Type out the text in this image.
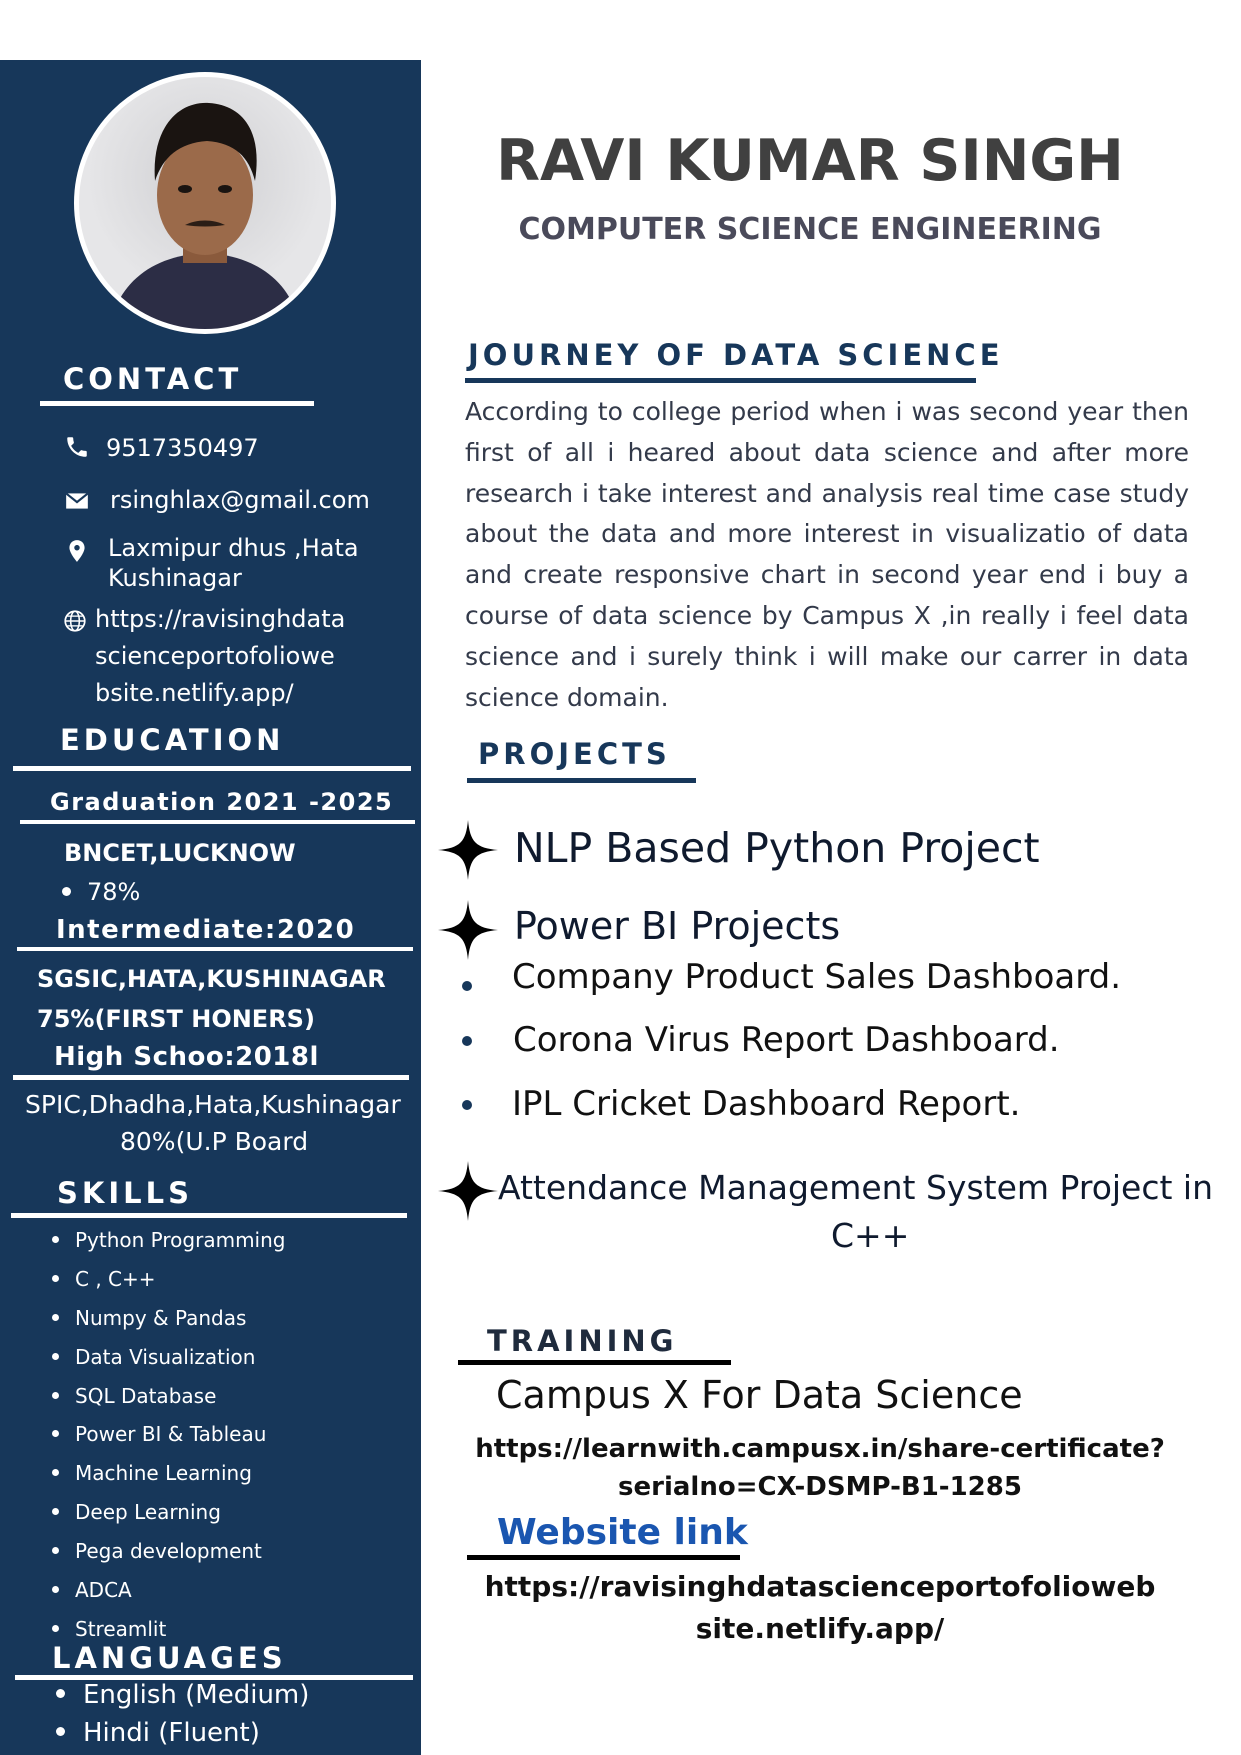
CONTACT

9517350497

rsinghlax@gmail.com

Laxmipur dhus ,Hata

Kushinagar

https://ravisinghdata

scienceportofoliowe

bsite.netlify.app/

EDUCATION

Graduation 2021 -2025

BNCET,LUCKNOW

78%

Intermediate:2020

SGSIC,HATA,KUSHINAGAR

75%(FIRST HONERS)

High Schoo:2018l

SPIC,Dhadha,Hata,Kushinagar

80%(U.P Board

SKILLS

Python Programming

C , C++

Numpy & Pandas

Data Visualization

SQL Database

Power BI & Tableau

Machine Learning

Deep Learning

Pega development

ADCA

Streamlit

LANGUAGES

English (Medium)

Hindi (Fluent)

RAVI KUMAR SINGH
COMPUTER SCIENCE ENGINEERING
JOURNEY OF DATA SCIENCE

According to college period when i was second year then first of all i heared about data science and after more research i take interest and analysis real time case study about the data and more interest in visualizatio of data and create responsive chart in second year end i buy a course of data science by Campus X ,in really i feel data science and i surely think i will make our carrer in data science domain.

PROJECTS

NLP Based Python Project

Power BI Projects

Company Product Sales Dashboard.

Corona Virus Report Dashboard.

IPL Cricket Dashboard Report.

Attendance Management System Project in

C++

TRAINING

Campus X For Data Science

https://learnwith.campusx.in/share-certificate?

serialno=CX-DSMP-B1-1285

Website link

https://ravisinghdatascienceportofolioweb

site.netlify.app/
